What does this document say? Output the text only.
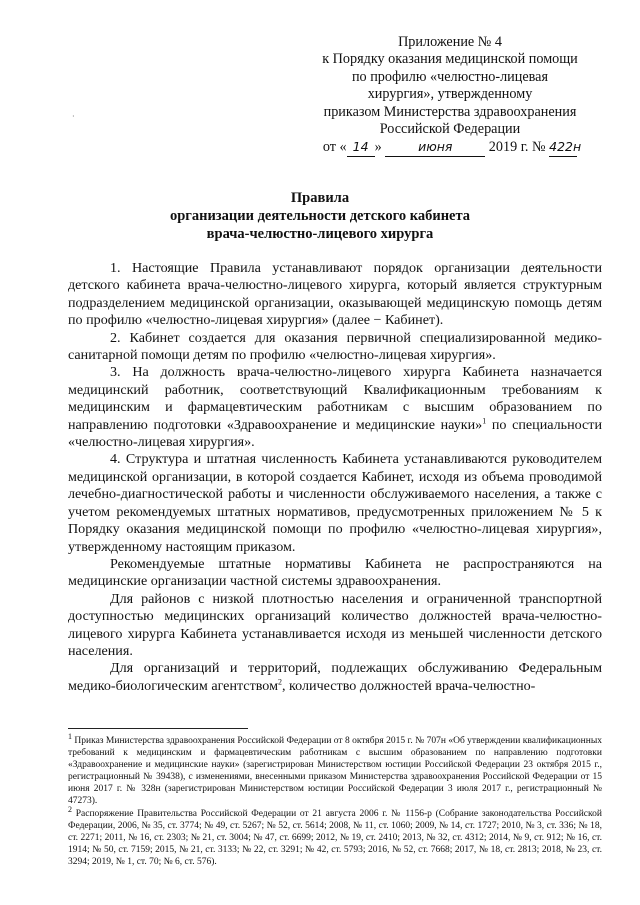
·
Приложение № 4
к Порядку оказания медицинской помощи
по профилю «челюстно-лицевая
хирургия», утвержденному
приказом Министерства здравоохранения
Российской Федерации
от « 14 »	июня	2019 г. № 422н
Правила
организации деятельности детского кабинета
врача-челюстно-лицевого хирурга

1. Настоящие Правила устанавливают порядок организации деятельности детского кабинета врача-челюстно-лицевого хирурга, который является структурным подразделением медицинской организации, оказывающей медицинскую помощь детям по профилю «челюстно-лицевая хирургия» (далее − Кабинет).

2. Кабинет создается для оказания первичной специализированной медико-санитарной помощи детям по профилю «челюстно-лицевая хирургия».

3. На должность врача-челюстно-лицевого хирурга Кабинета назначается медицинский работник, соответствующий Квалификационным требованиям к медицинским и фармацевтическим работникам с высшим образованием по направлению подготовки «Здравоохранение и медицинские науки»$^1$ по специальности «челюстно-лицевая хирургия».

4. Структура и штатная численность Кабинета устанавливаются руководителем медицинской организации, в которой создается Кабинет, исходя из объема проводимой лечебно-диагностической работы и численности обслуживаемого населения, а также с учетом рекомендуемых штатных нормативов, предусмотренных приложением № 5 к Порядку оказания медицинской помощи по профилю «челюстно-лицевая хирургия», утвержденному настоящим приказом.

Рекомендуемые штатные нормативы Кабинета не распространяются на медицинские организации частной системы здравоохранения.

Для районов с низкой плотностью населения и ограниченной транспортной доступностью медицинских организаций количество должностей врача-челюстно-лицевого хирурга Кабинета устанавливается исходя из меньшей численности детского населения.

Для организаций и территорий, подлежащих обслуживанию Федеральным медико-биологическим агентством$^2$, количество должностей врача-челюстно-

$^1$ Приказ Министерства здравоохранения Российской Федерации от 8 октября 2015 г. № 707н «Об утверждении квалификационных требований к медицинским и фармацевтическим работникам с высшим образованием по направлению подготовки «Здравоохранение и медицинские науки» (зарегистрирован Министерством юстиции Российской Федерации 23 октября 2015 г., регистрационный № 39438), с изменениями, внесенными приказом Министерства здравоохранения Российской Федерации от 15 июня 2017 г. № 328н (зарегистрирован Министерством юстиции Российской Федерации 3 июля 2017 г., регистрационный № 47273).

$^2$ Распоряжение Правительства Российской Федерации от 21 августа 2006 г. № 1156-р (Собрание законодательства Российской Федерации, 2006, № 35, ст. 3774; № 49, ст. 5267; № 52, ст. 5614; 2008, № 11, ст. 1060; 2009, № 14, ст. 1727; 2010, № 3, ст. 336; № 18, ст. 2271; 2011, № 16, ст. 2303; № 21, ст. 3004; № 47, ст. 6699; 2012, № 19, ст. 2410; 2013, № 32, ст. 4312; 2014, № 9, ст. 912; № 16, ст. 1914; № 50, ст. 7159; 2015, № 21, ст. 3133; № 22, ст. 3291; № 42, ст. 5793; 2016, № 52, ст. 7668; 2017, № 18, ст. 2813; 2018, № 23, ст. 3294; 2019, № 1, ст. 70; № 6, ст. 576).
